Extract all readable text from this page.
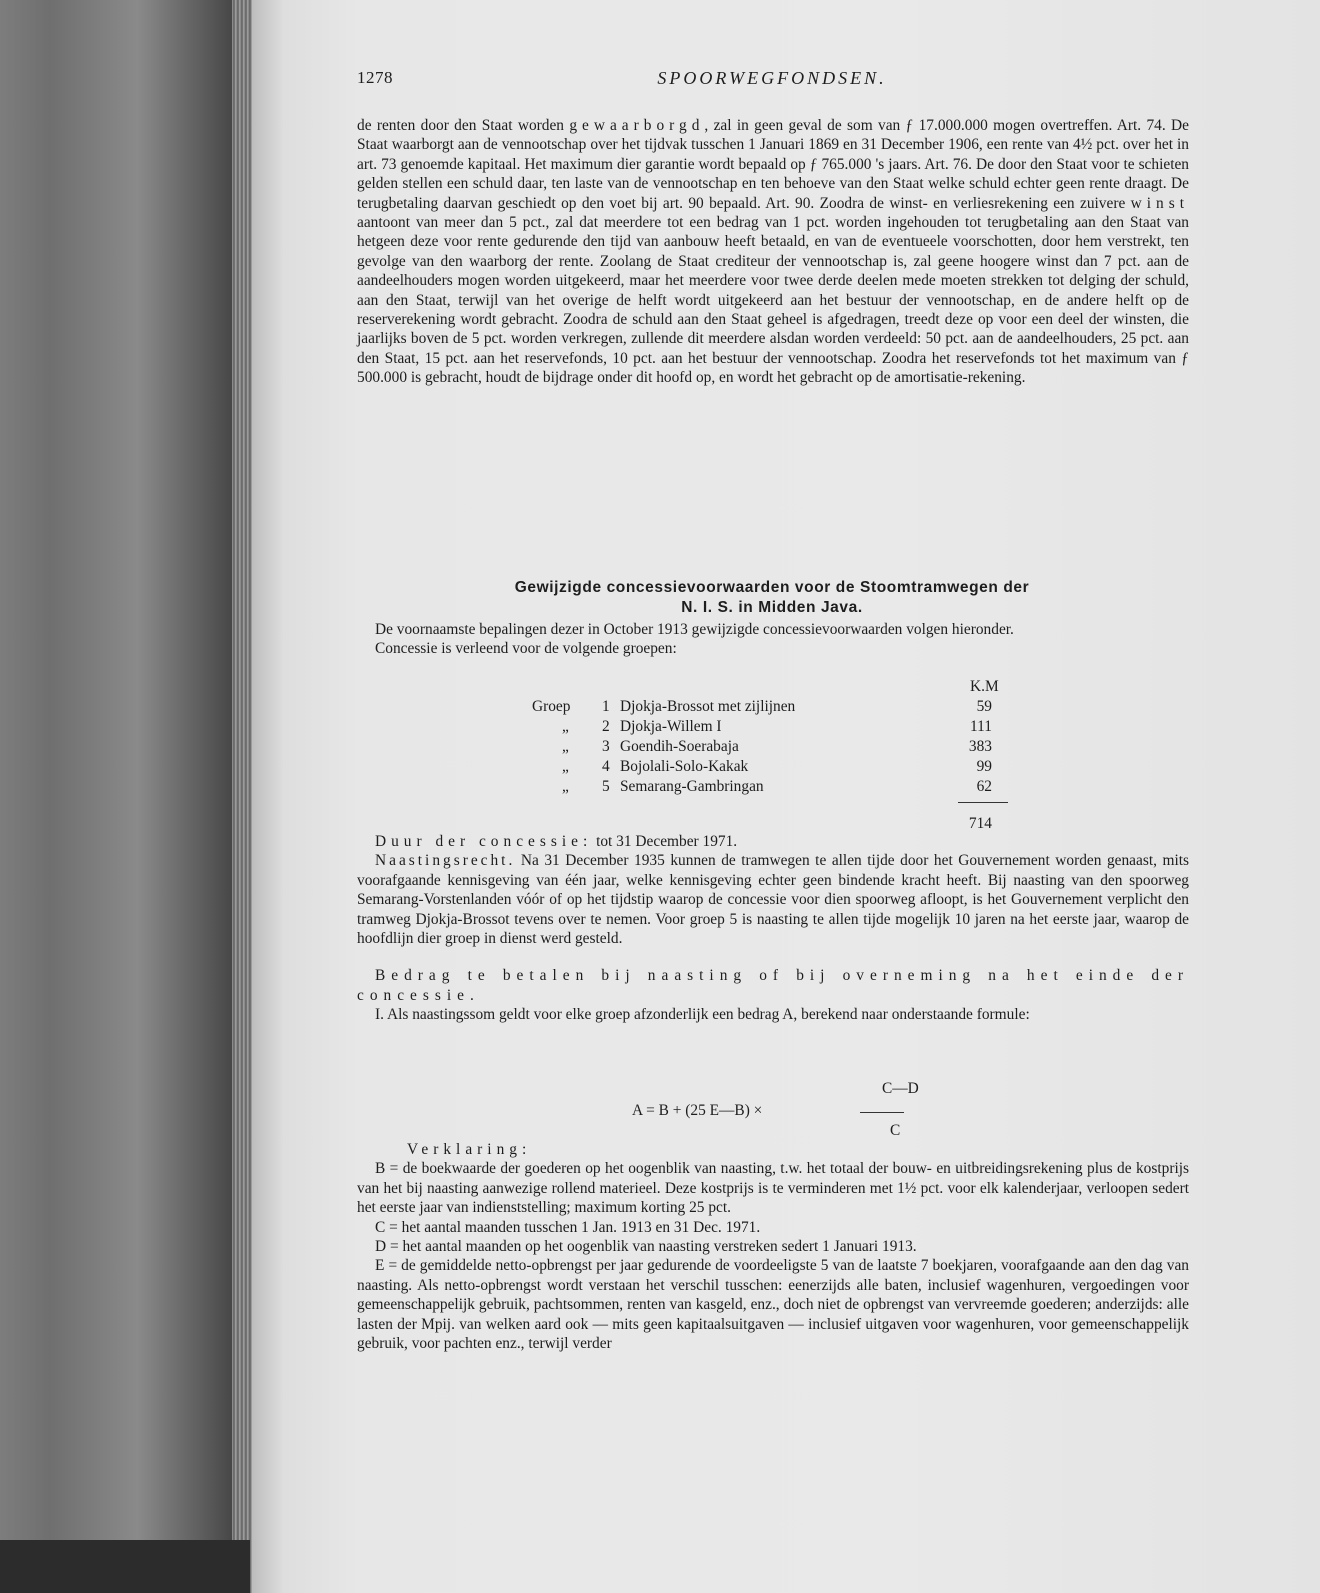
1278	SPOORWEGFONDSEN.

de renten door den Staat worden gewaarborgd, zal in geen geval de som van ƒ 17.000.000 mogen overtreffen. Art. 74. De Staat waarborgt aan de vennootschap over het tijdvak tusschen 1 Januari 1869 en 31 December 1906, een rente van 4½ pct. over het in art. 73 genoemde kapitaal. Het maximum dier garantie wordt bepaald op ƒ 765.000 's jaars. Art. 76. De door den Staat voor te schieten gelden stellen een schuld daar, ten laste van de vennootschap en ten behoeve van den Staat welke schuld echter geen rente draagt. De terugbetaling daarvan geschiedt op den voet bij art. 90 bepaald. Art. 90. Zoodra de winst- en verliesrekening een zuivere winst aantoont van meer dan 5 pct., zal dat meerdere tot een bedrag van 1 pct. worden ingehouden tot terugbetaling aan den Staat van hetgeen deze voor rente gedurende den tijd van aanbouw heeft betaald, en van de eventueele voorschotten, door hem verstrekt, ten gevolge van den waarborg der rente. Zoolang de Staat crediteur der vennootschap is, zal geene hoogere winst dan 7 pct. aan de aandeelhouders mogen worden uitgekeerd, maar het meerdere voor twee derde deelen mede moeten strekken tot delging der schuld, aan den Staat, terwijl van het overige de helft wordt uitgekeerd aan het bestuur der vennootschap, en de andere helft op de reserverekening wordt gebracht. Zoodra de schuld aan den Staat geheel is afgedragen, treedt deze op voor een deel der winsten, die jaarlijks boven de 5 pct. worden verkregen, zullende dit meerdere alsdan worden verdeeld: 50 pct. aan de aandeelhouders, 25 pct. aan den Staat, 15 pct. aan het reservefonds, 10 pct. aan het bestuur der vennootschap. Zoodra het reservefonds tot het maximum van ƒ 500.000 is gebracht, houdt de bijdrage onder dit hoofd op, en wordt het gebracht op de amortisatie-rekening.

Gewijzigde concessievoorwaarden voor de Stoomtramwegen der
N. I. S. in Midden Java.

De voornaamste bepalingen dezer in October 1913 gewijzigde concessievoorwaarden volgen hieronder.

Concessie is verleend voor de volgende groepen:

K.M
Groep 1 Djokja-Brossot met zijlijnen	59
„ 2 Djokja-Willem I	111
„ 3 Goendih-Soerabaja	383
„ 4 Bojolali-Solo-Kakak	99
„ 5 Semarang-Gambringan	62
714

Duur der concessie: tot 31 December 1971.

Naastingsrecht. Na 31 December 1935 kunnen de tramwegen te allen tijde door het Gouvernement worden genaast, mits voorafgaande kennisgeving van één jaar, welke kennisgeving echter geen bindende kracht heeft. Bij naasting van den spoorweg Semarang-Vorstenlanden vóór of op het tijdstip waarop de concessie voor dien spoorweg afloopt, is het Gouvernement verplicht den tramweg Djokja-Brossot tevens over te nemen. Voor groep 5 is naasting te allen tijde mogelijk 10 jaren na het eerste jaar, waarop de hoofdlijn dier groep in dienst werd gesteld.

Bedrag te betalen bij naasting of bij overneming na het einde der concessie.

I. Als naastingssom geldt voor elke groep afzonderlijk een bedrag A, berekend naar onderstaande formule:

C—D
A = B + (25 E—B) ×
C

Verklaring:

B = de boekwaarde der goederen op het oogenblik van naasting, t.w. het totaal der bouw- en uitbreidingsrekening plus de kostprijs van het bij naasting aanwezige rollend materieel. Deze kostprijs is te verminderen met 1½ pct. voor elk kalenderjaar, verloopen sedert het eerste jaar van indienststelling; maximum korting 25 pct.

C = het aantal maanden tusschen 1 Jan. 1913 en 31 Dec. 1971.

D = het aantal maanden op het oogenblik van naasting verstreken sedert 1 Januari 1913.

E = de gemiddelde netto-opbrengst per jaar gedurende de voordeeligste 5 van de laatste 7 boekjaren, voorafgaande aan den dag van naasting. Als netto-opbrengst wordt verstaan het verschil tusschen: eenerzijds alle baten, inclusief wagenhuren, vergoedingen voor gemeenschappelijk gebruik, pachtsommen, renten van kasgeld, enz., doch niet de opbrengst van vervreemde goederen; anderzijds: alle lasten der Mpij. van welken aard ook — mits geen kapitaalsuitgaven — inclusief uitgaven voor wagenhuren, voor gemeenschappelijk gebruik, voor pachten enz., terwijl verder
